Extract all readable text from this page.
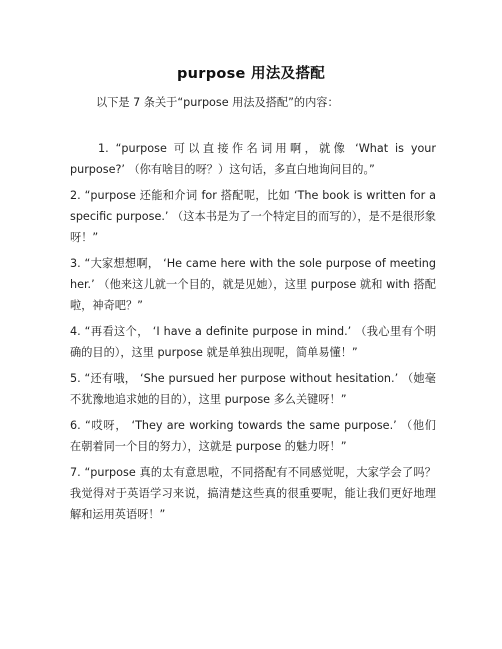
purpose 用法及搭配
以下是 7 条关于“purpose 用法及搭配”的内容：

1. “purpose 可以直接作名词用啊，就像 ‘What is your purpose?’ （你有啥目的呀？）这句话，多直白地询问目的。”

2. “purpose 还能和介词 for 搭配呢，比如 ‘The book is written for a specific purpose.’ （这本书是为了一个特定目的而写的），是不是很形象呀！”

3. “大家想想啊， ‘He came here with the sole purpose of meeting her.’ （他来这儿就一个目的，就是见她），这里 purpose 就和 with 搭配啦，神奇吧？”

4. “再看这个， ‘I have a definite purpose in mind.’ （我心里有个明确的目的），这里 purpose 就是单独出现呢，简单易懂！”

5. “还有哦， ‘She pursued her purpose without hesitation.’ （她毫不犹豫地追求她的目的），这里 purpose 多么关键呀！”

6. “哎呀， ‘They are working towards the same purpose.’ （他们在朝着同一个目的努力），这就是 purpose 的魅力呀！”

7. “purpose 真的太有意思啦，不同搭配有不同感觉呢，大家学会了吗？我觉得对于英语学习来说，搞清楚这些真的很重要呢，能让我们更好地理解和运用英语呀！”
